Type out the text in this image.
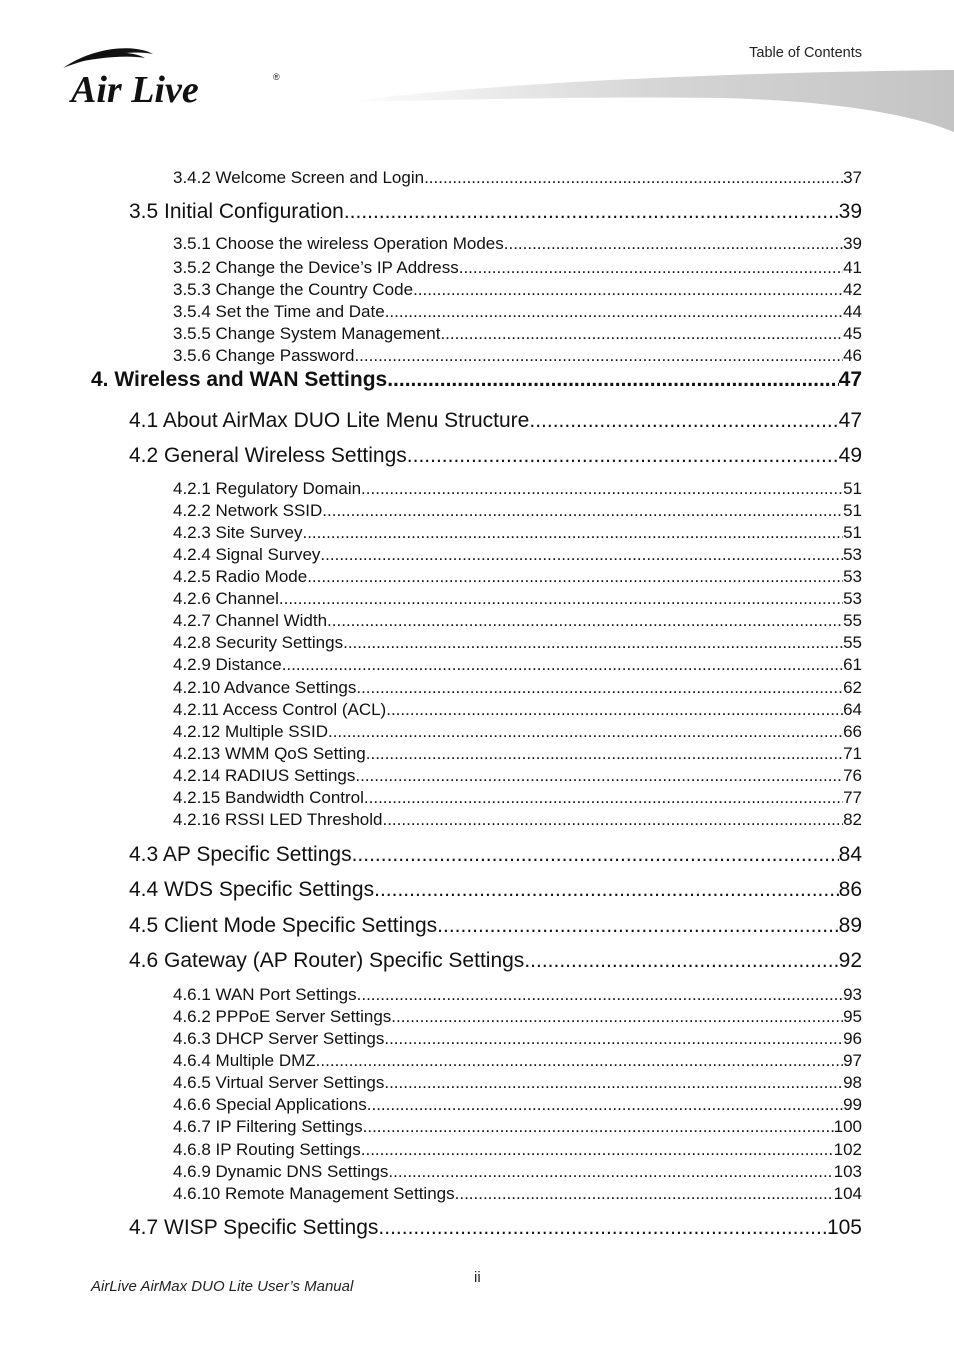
Air Live	®
Table of Contents
3.4.2 Welcome Screen and Login .....	37
3.5 Initial Configuration .....	39
3.5.1 Choose the wireless Operation Modes .....	39
3.5.2 Change the Device’s IP Address .....	41
3.5.3 Change the Country Code .....	42
3.5.4 Set the Time and Date .....	44
3.5.5 Change System Management .....	45
3.5.6 Change Password .....	46
4. Wireless and WAN Settings .....	47
4.1 About AirMax DUO Lite Menu Structure .....	47
4.2 General Wireless Settings .....	49
4.2.1 Regulatory Domain .....	51
4.2.2 Network SSID .....	51
4.2.3 Site Survey .....	51
4.2.4 Signal Survey .....	53
4.2.5 Radio Mode .....	53
4.2.6 Channel .....	53
4.2.7 Channel Width .....	55
4.2.8 Security Settings .....	55
4.2.9 Distance .....	61
4.2.10 Advance Settings .....	62
4.2.11 Access Control (ACL) .....	64
4.2.12 Multiple SSID .....	66
4.2.13 WMM QoS Setting .....	71
4.2.14 RADIUS Settings .....	76
4.2.15 Bandwidth Control .....	77
4.2.16 RSSI LED Threshold .....	82
4.3 AP Specific Settings .....	84
4.4 WDS Specific Settings .....	86
4.5 Client Mode Specific Settings .....	89
4.6 Gateway (AP Router) Specific Settings .....	92
4.6.1 WAN Port Settings .....	93
4.6.2 PPPoE Server Settings .....	95
4.6.3 DHCP Server Settings .....	96
4.6.4 Multiple DMZ .....	97
4.6.5 Virtual Server Settings .....	98
4.6.6 Special Applications .....	99
4.6.7 IP Filtering Settings .....	100
4.6.8 IP Routing Settings .....	102
4.6.9 Dynamic DNS Settings .....	103
4.6.10 Remote Management Settings .....	104
4.7 WISP Specific Settings .....	105
AirLive AirMax DUO Lite User’s Manual
ii
